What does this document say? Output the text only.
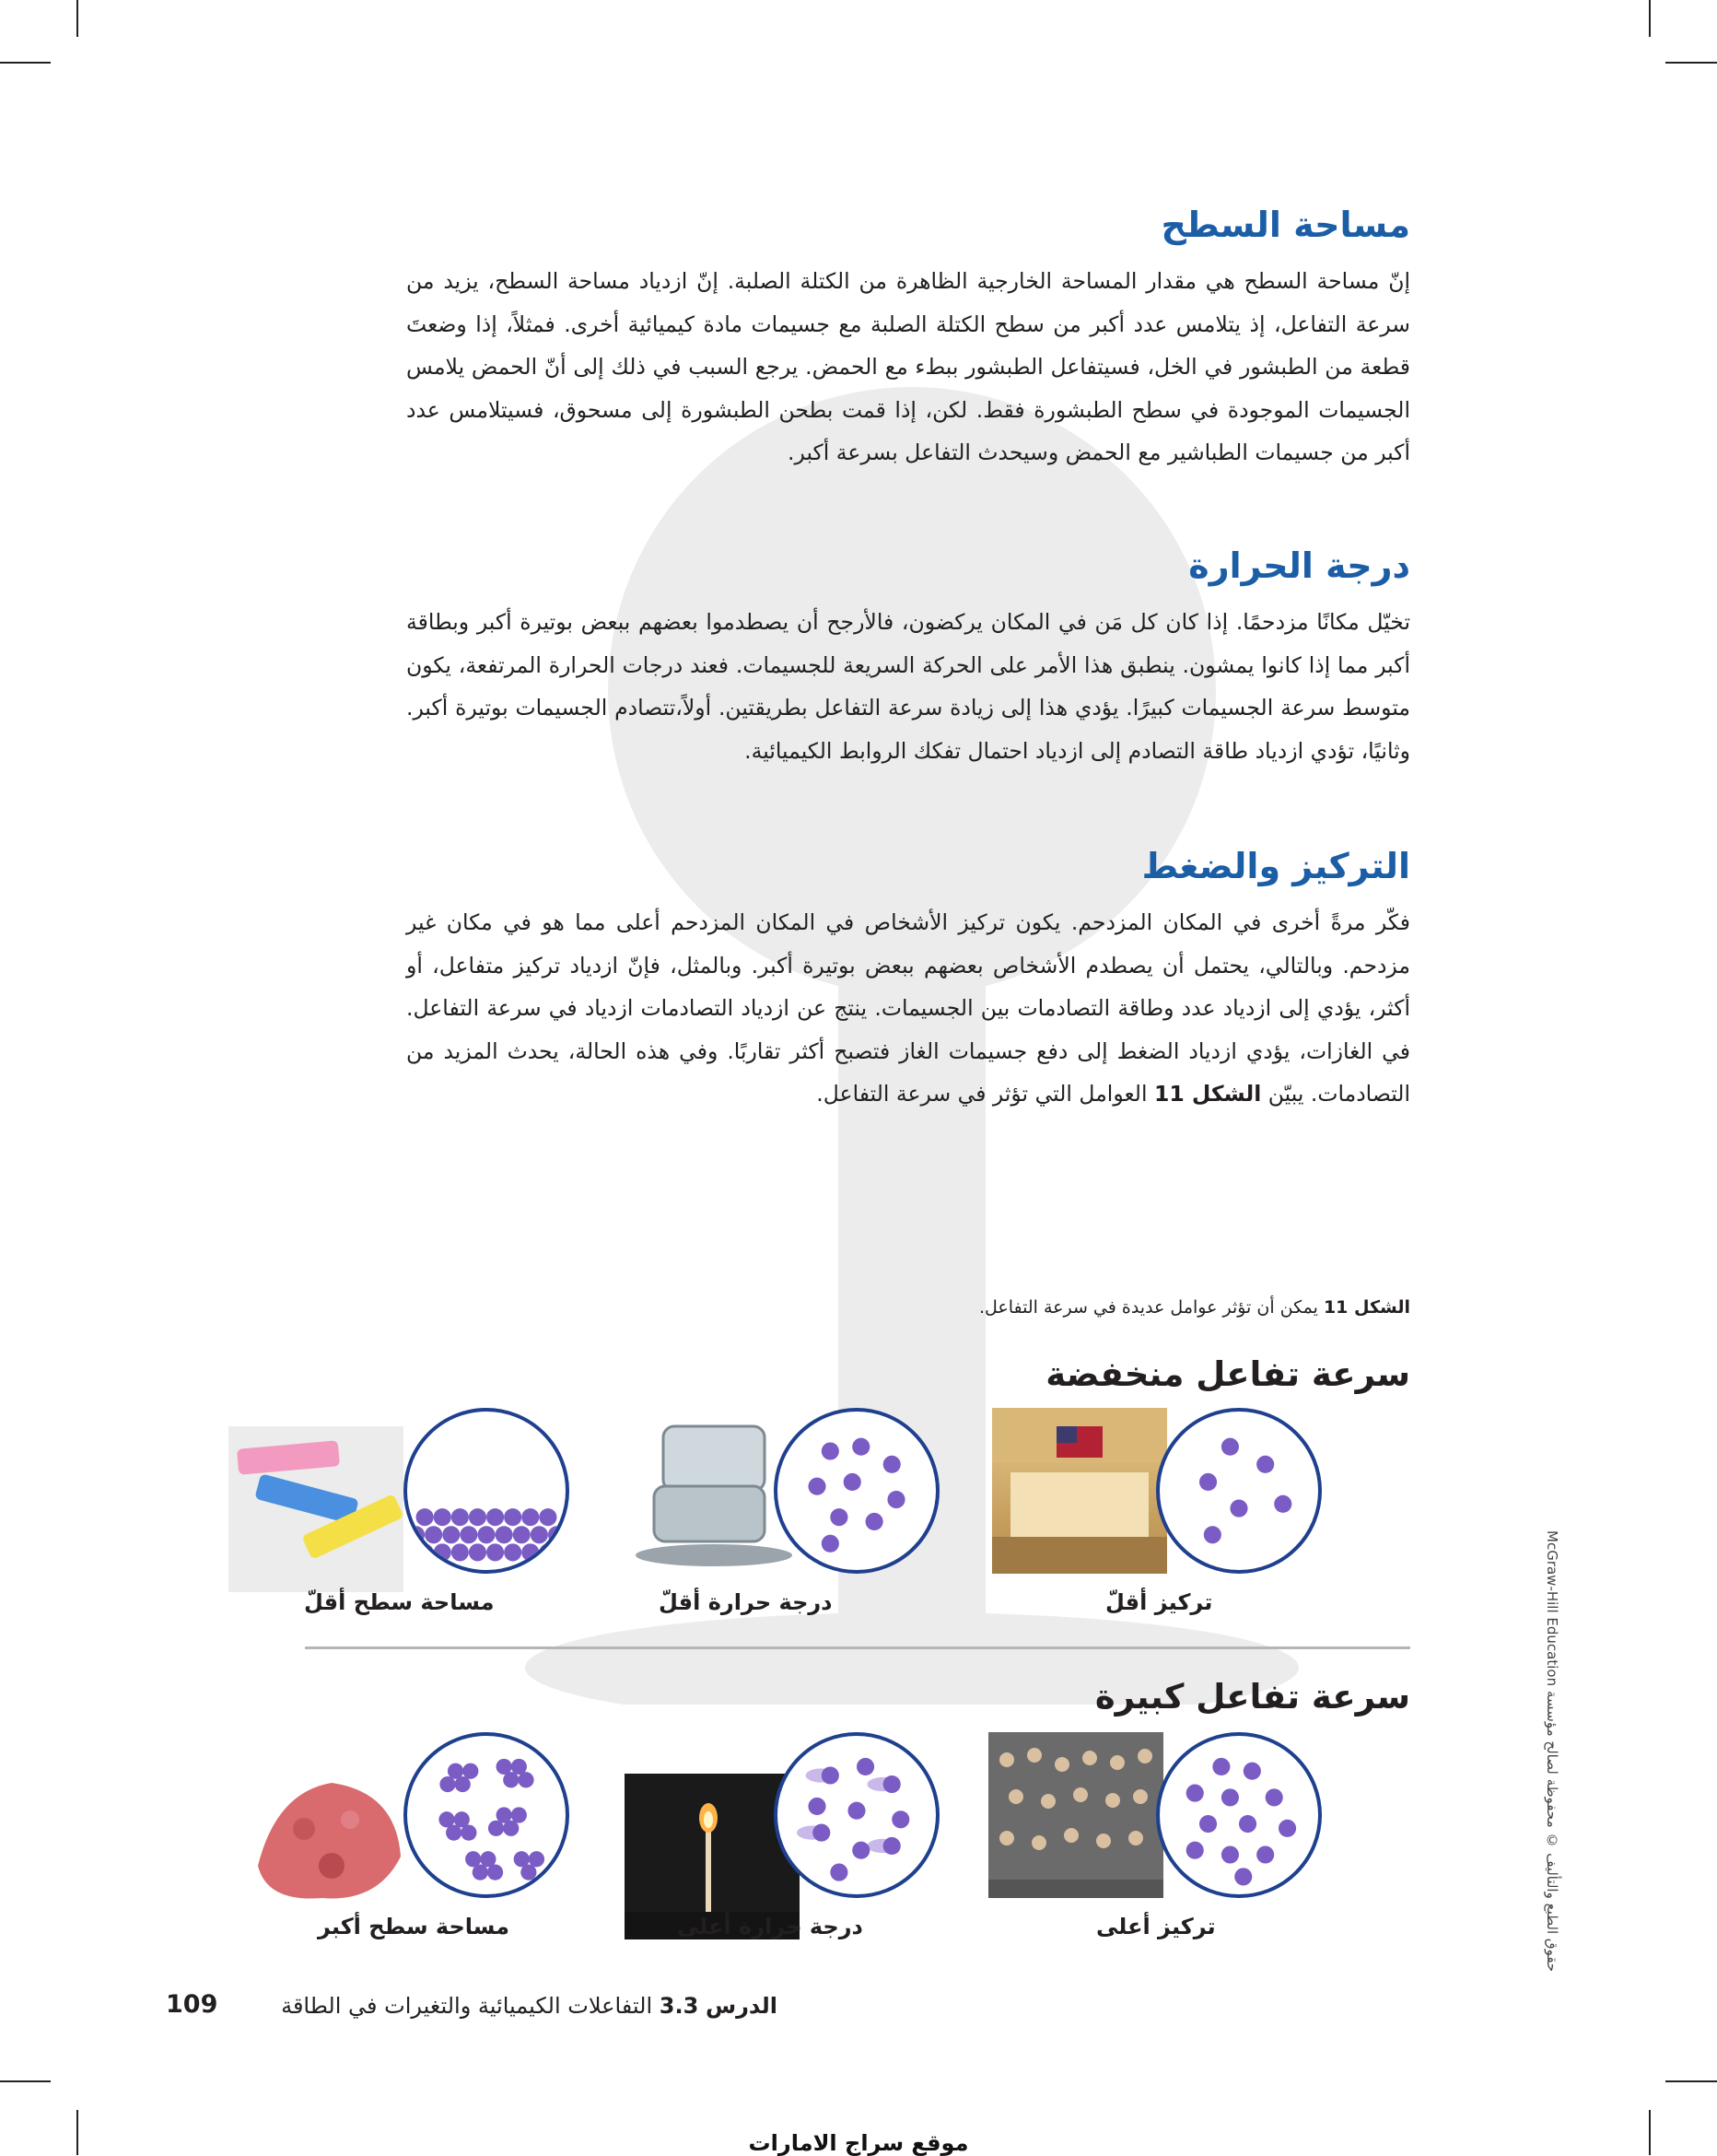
مساحة السطح

إنّ مساحة السطح هي مقدار المساحة الخارجية الظاهرة من الكتلة الصلبة. إنّ ازدياد مساحة السطح، يزيد من سرعة التفاعل، إذ يتلامس عدد أكبر من سطح الكتلة الصلبة مع جسيمات مادة كيميائية أخرى. فمثلاً، إذا وضعتَ قطعة من الطبشور في الخل، فسيتفاعل الطبشور ببطء مع الحمض. يرجع السبب في ذلك إلى أنّ الحمض يلامس الجسيمات الموجودة في سطح الطبشورة فقط. لكن، إذا قمت بطحن الطبشورة إلى مسحوق، فسيتلامس عدد أكبر من جسيمات الطباشير مع الحمض وسيحدث التفاعل بسرعة أكبر.

درجة الحرارة

تخيّل مكانًا مزدحمًا. إذا كان كل مَن في المكان يركضون، فالأرجح أن يصطدموا بعضهم ببعض بوتيرة أكبر وبطاقة أكبر مما إذا كانوا يمشون. ينطبق هذا الأمر على الحركة السريعة للجسيمات. فعند درجات الحرارة المرتفعة، يكون متوسط سرعة الجسيمات كبيرًا. يؤدي هذا إلى زيادة سرعة التفاعل بطريقتين. أولاً،تتصادم الجسيمات بوتيرة أكبر. وثانيًا، تؤدي ازدياد طاقة التصادم إلى ازدياد احتمال تفكك الروابط الكيميائية.

التركيز والضغط

فكّر مرةً أخرى في المكان المزدحم. يكون تركيز الأشخاص في المكان المزدحم أعلى مما هو في مكان غير مزدحم. وبالتالي، يحتمل أن يصطدم الأشخاص بعضهم ببعض بوتيرة أكبر. وبالمثل، فإنّ ازدياد تركيز متفاعل، أو أكثر، يؤدي إلى ازدياد عدد وطاقة التصادمات بين الجسيمات. ينتج عن ازدياد التصادمات ازدياد في سرعة التفاعل. في الغازات، يؤدي ازدياد الضغط إلى دفع جسيمات الغاز فتصبح أكثر تقاربًا. وفي هذه الحالة، يحدث المزيد من التصادمات. يبيّن الشكل 11 العوامل التي تؤثر في سرعة التفاعل.

الشكل 11 يمكن أن تؤثر عوامل عديدة في سرعة التفاعل.
سرعة تفاعل منخفضة
تركيز أقلّ
درجة حرارة أقلّ
مساحة سطح أقلّ
سرعة تفاعل كبيرة
تركيز أعلى
درجة حرارة أعلى
مساحة سطح أكبر
حقوق الطبع والتأليف © محفوظة لصالح مؤسسة McGraw-Hill Education
الدرس 3.3 التفاعلات الكيميائية والتغيرات في الطاقة
109
موقع سراج الامارات
